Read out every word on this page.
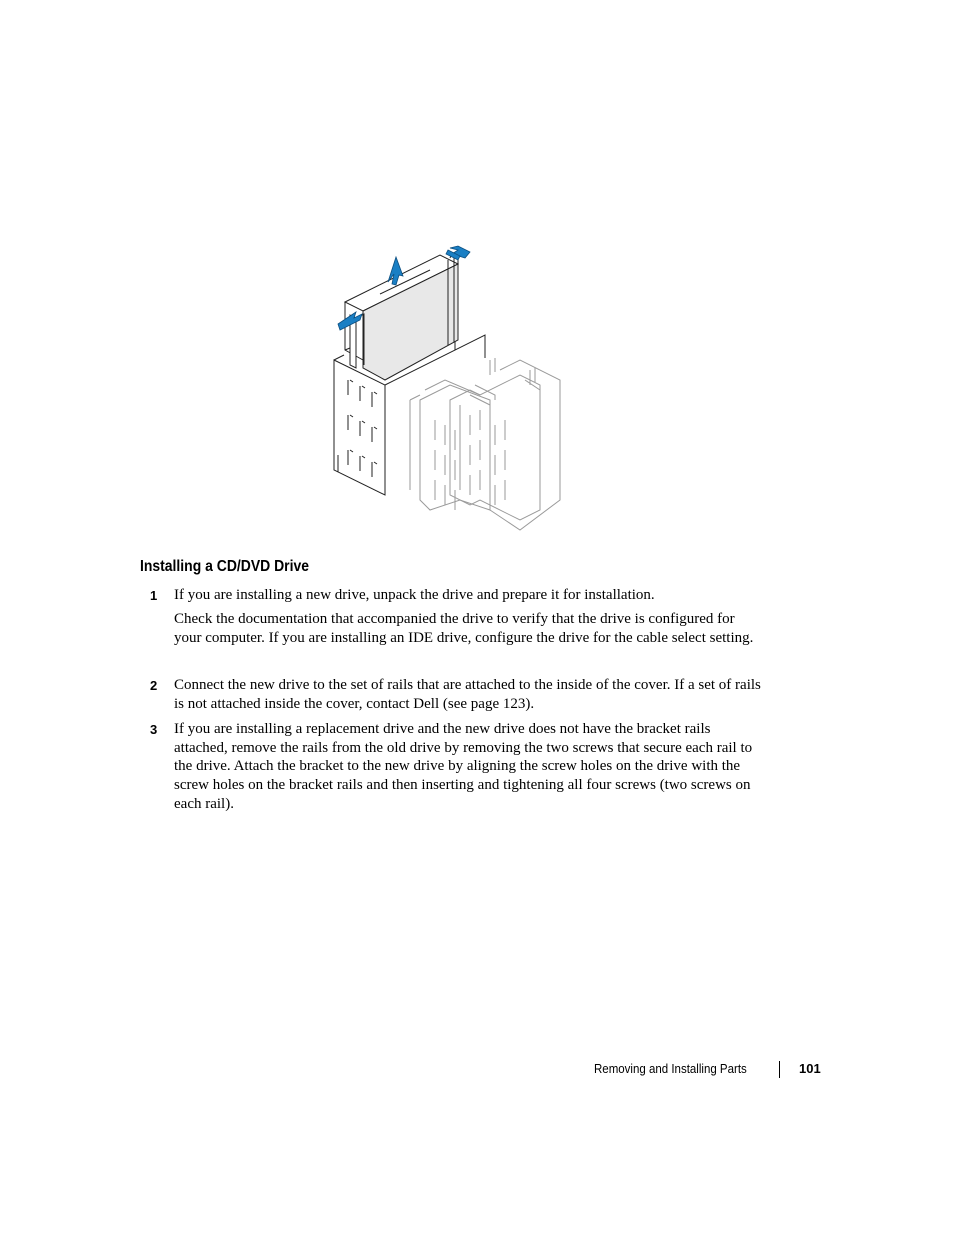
Installing a CD/DVD Drive
1 If you are installing a new drive, unpack the drive and prepare it for installation.
Check the documentation that accompanied the drive to verify that the drive is configured for your computer. If you are installing an IDE drive, configure the drive for the cable select setting.
2 Connect the new drive to the set of rails that are attached to the inside of the cover. If a set of rails is not attached inside the cover, contact Dell (see page 123).
3 If you are installing a replacement drive and the new drive does not have the bracket rails attached, remove the rails from the old drive by removing the two screws that secure each rail to the drive. Attach the bracket to the new drive by aligning the screw holes on the drive with the screw holes on the bracket rails and then inserting and tightening all four screws (two screws on each rail).
Removing and Installing Parts	101
